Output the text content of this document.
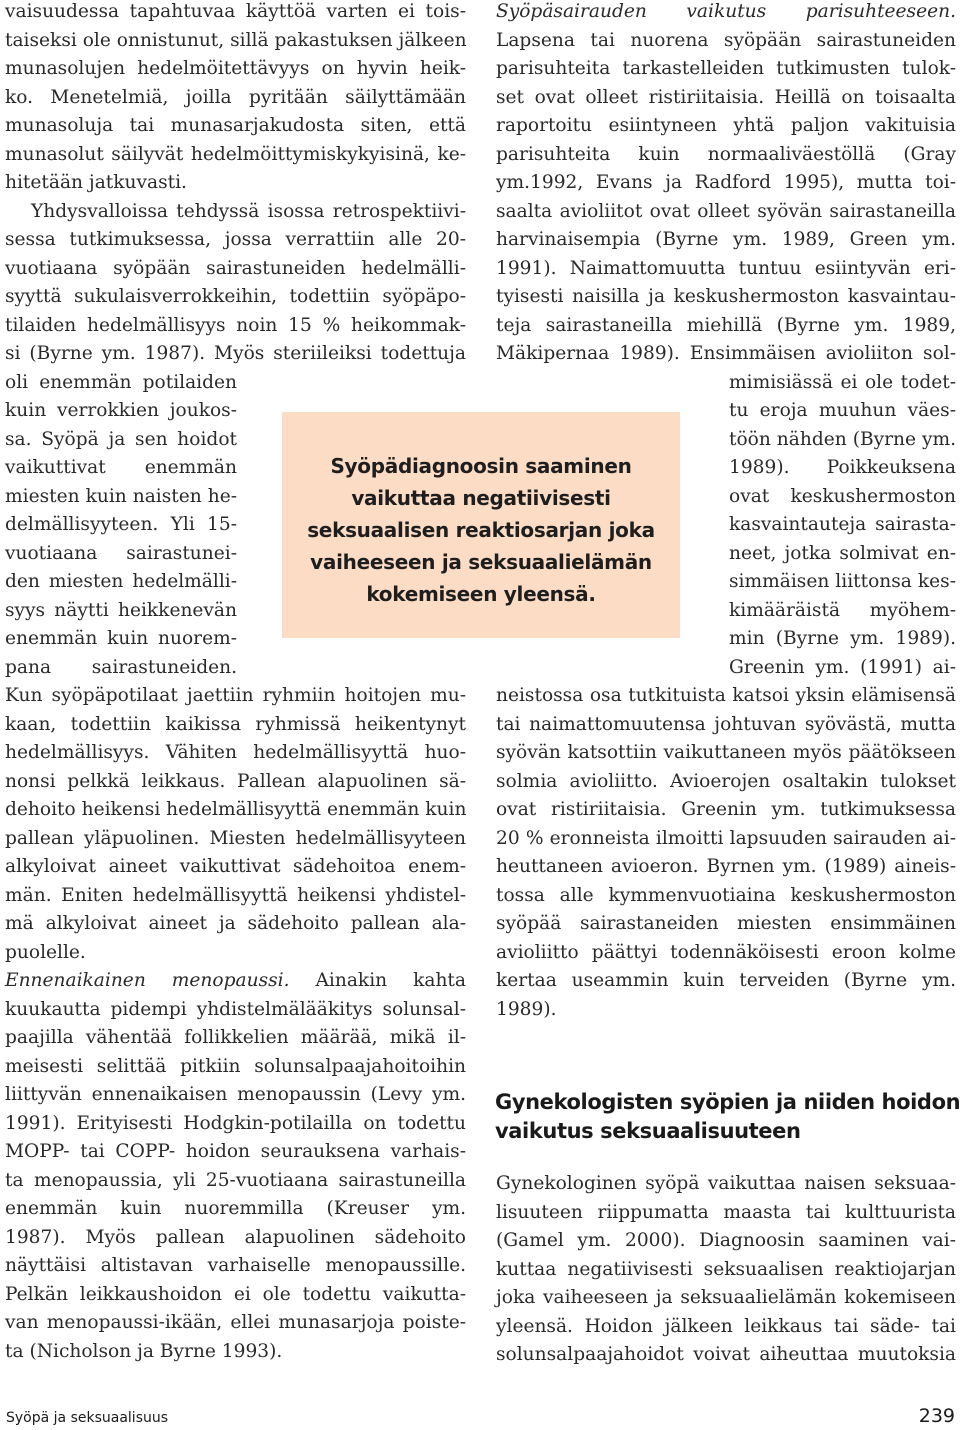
Syöpädiagnoosin saaminen
vaikuttaa negatiivisesti
seksuaalisen reaktiosarjan joka
vaiheeseen ja seksuaalielämän
kokemiseen yleensä.
vaisuudessa tapahtuvaa käyttöä varten ei tois-
taiseksi ole onnistunut, sillä pakastuksen jälkeen
munasolujen hedelmöitettävyys on hyvin heik-
ko. Menetelmiä, joilla pyritään säilyttämään
munasoluja tai munasarjakudosta siten, että
munasolut säilyvät hedelmöittymiskykyisinä, ke-
hitetään jatkuvasti.
Yhdysvalloissa tehdyssä isossa retrospektiivi-
sessa tutkimuksessa, jossa verrattiin alle 20-
vuotiaana syöpään sairastuneiden hedelmälli-
syyttä sukulaisverrokkeihin, todettiin syöpäpo-
tilaiden hedelmällisyys noin 15 % heikommak-
si (Byrne ym. 1987). Myös steriileiksi todettuja
oli enemmän potilaiden
kuin verrokkien joukos-
sa. Syöpä ja sen hoidot
vaikuttivat enemmän
miesten kuin naisten he-
delmällisyyteen. Yli 15-
vuotiaana sairastunei-
den miesten hedelmälli-
syys näytti heikkenevän
enemmän kuin nuorem-
pana sairastuneiden.
Kun syöpäpotilaat jaettiin ryhmiin hoitojen mu-
kaan, todettiin kaikissa ryhmissä heikentynyt
hedelmällisyys. Vähiten hedelmällisyyttä huo-
nonsi pelkkä leikkaus. Pallean alapuolinen sä-
dehoito heikensi hedelmällisyyttä enemmän kuin
pallean yläpuolinen. Miesten hedelmällisyyteen
alkyloivat aineet vaikuttivat sädehoitoa enem-
män. Eniten hedelmällisyyttä heikensi yhdistel-
mä alkyloivat aineet ja sädehoito pallean ala-
puolelle.
Ennenaikainen menopaussi. Ainakin kahta
kuukautta pidempi yhdistelmälääkitys solunsal-
paajilla vähentää follikkelien määrää, mikä il-
meisesti selittää pitkiin solunsalpaajahoitoihin
liittyvän ennenaikaisen menopaussin (Levy ym.
1991). Erityisesti Hodgkin-potilailla on todettu
MOPP- tai COPP- hoidon seurauksena varhais-
ta menopaussia, yli 25-vuotiaana sairastuneilla
enemmän kuin nuoremmilla (Kreuser ym.
1987). Myös pallean alapuolinen sädehoito
näyttäisi altistavan varhaiselle menopaussille.
Pelkän leikkaushoidon ei ole todettu vaikutta-
van menopaussi-ikään, ellei munasarjoja poiste-
ta (Nicholson ja Byrne 1993).
Syöpäsairauden vaikutus parisuhteeseen.
Lapsena tai nuorena syöpään sairastuneiden
parisuhteita tarkastelleiden tutkimusten tulok-
set ovat olleet ristiriitaisia. Heillä on toisaalta
raportoitu esiintyneen yhtä paljon vakituisia
parisuhteita kuin normaaliväestöllä (Gray
ym.1992, Evans ja Radford 1995), mutta toi-
saalta avioliitot ovat olleet syövän sairastaneilla
harvinaisempia (Byrne ym. 1989, Green ym.
1991). Naimattomuutta tuntuu esiintyvän eri-
tyisesti naisilla ja keskushermoston kasvaintau-
teja sairastaneilla miehillä (Byrne ym. 1989,
Mäkipernaa 1989). Ensimmäisen avioliiton sol-
mimisiässä ei ole todet-
tu eroja muuhun väes-
töön nähden (Byrne ym.
1989). Poikkeuksena
ovat keskushermoston
kasvaintauteja sairasta-
neet, jotka solmivat en-
simmäisen liittonsa kes-
kimääräistä myöhem-
min (Byrne ym. 1989).
Greenin ym. (1991) ai-
neistossa osa tutkituista katsoi yksin elämisensä
tai naimattomuutensa johtuvan syövästä, mutta
syövän katsottiin vaikuttaneen myös päätökseen
solmia avioliitto. Avioerojen osaltakin tulokset
ovat ristiriitaisia. Greenin ym. tutkimuksessa
20 % eronneista ilmoitti lapsuuden sairauden ai-
heuttaneen avioeron. Byrnen ym. (1989) aineis-
tossa alle kymmenvuotiaina keskushermoston
syöpää sairastaneiden miesten ensimmäinen
avioliitto päättyi todennäköisesti eroon kolme
kertaa useammin kuin terveiden (Byrne ym.
1989).
Gynekologinen syöpä vaikuttaa naisen seksuaa-
lisuuteen riippumatta maasta tai kulttuurista
(Gamel ym. 2000). Diagnoosin saaminen vai-
kuttaa negatiivisesti seksuaalisen reaktiojarjan
joka vaiheeseen ja seksuaalielämän kokemiseen
yleensä. Hoidon jälkeen leikkaus tai säde- tai
solunsalpaajahoidot voivat aiheuttaa muutoksia
Gynekologisten syöpien ja niiden hoidon
vaikutus seksuaalisuuteen
Syöpä ja seksuaalisuus	239
